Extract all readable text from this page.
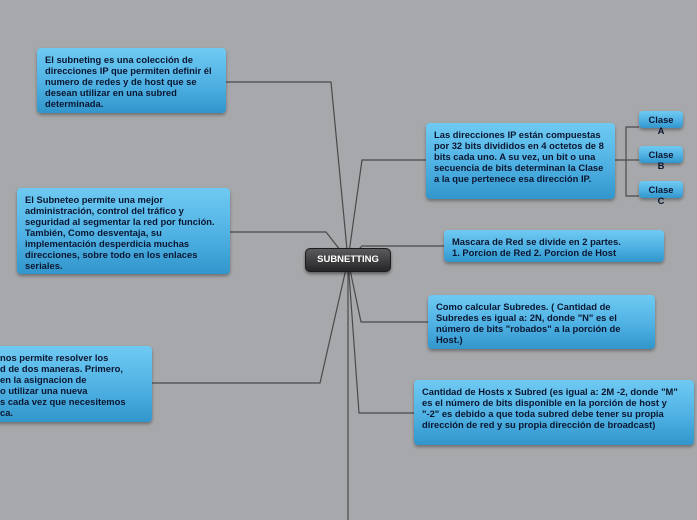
SUBNETTING
El subneting es una colección de direcciones IP que permiten definir él numero de redes y de host que se desean utilizar en una subred determinada.
El Subneteo permite una mejor administración, control del tráfico y seguridad al segmentar la red por función. También, Como desventaja, su implementación desperdicia muchas direcciones, sobre todo en los enlaces seriales.
nos permite resolver los
d de dos maneras. Primero,
en la asignacion de
o utilizar una nueva
s cada vez que necesitemos
ca.
Las direcciones IP están compuestas por 32 bits divididos en 4 octetos de 8 bits cada uno. A su vez, un bit o una secuencia de bits determinan la Clase a la que pertenece esa dirección IP.
Clase A
Clase B
Clase C
Mascara de Red se divide en 2 partes.
1. Porcion de Red 2. Porcion de Host
Como calcular Subredes. ( Cantidad de Subredes es igual a: 2N, donde "N" es el número de bits "robados" a la porción de Host.)
Cantidad de Hosts x Subred (es igual a: 2M -2, donde "M" es el número de bits disponible en la porción de host y "-2" es debido a que toda subred debe tener su propia dirección de red y su propia dirección de broadcast)
